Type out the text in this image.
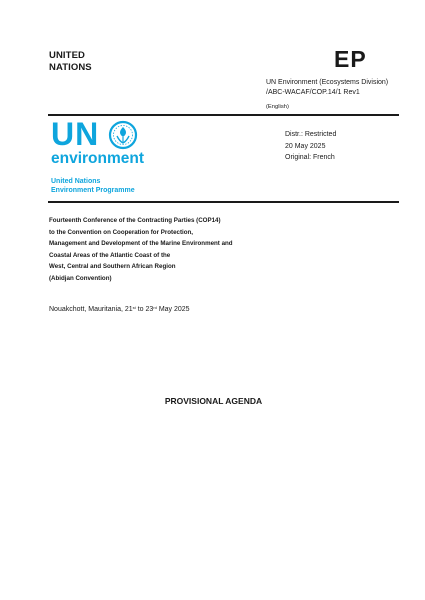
UNITED
NATIONS	EP
UN Environment (Ecosystems Division)
/ABC-WACAF/COP.14/1 Rev1
(English)
UN
environment
United Nations
Environment Programme
Distr.: Restricted
20 May 2025
Original: French
Fourteenth Conference of the Contracting Parties (COP14)
to the Convention on Cooperation for Protection,
Management and Development of the Marine Environment and
Coastal Areas of the Atlantic Coast of the
West, Central and Southern African Region
(Abidjan Convention)
Nouakchott, Mauritania, 21st to 23rd May 2025
PROVISIONAL AGENDA
